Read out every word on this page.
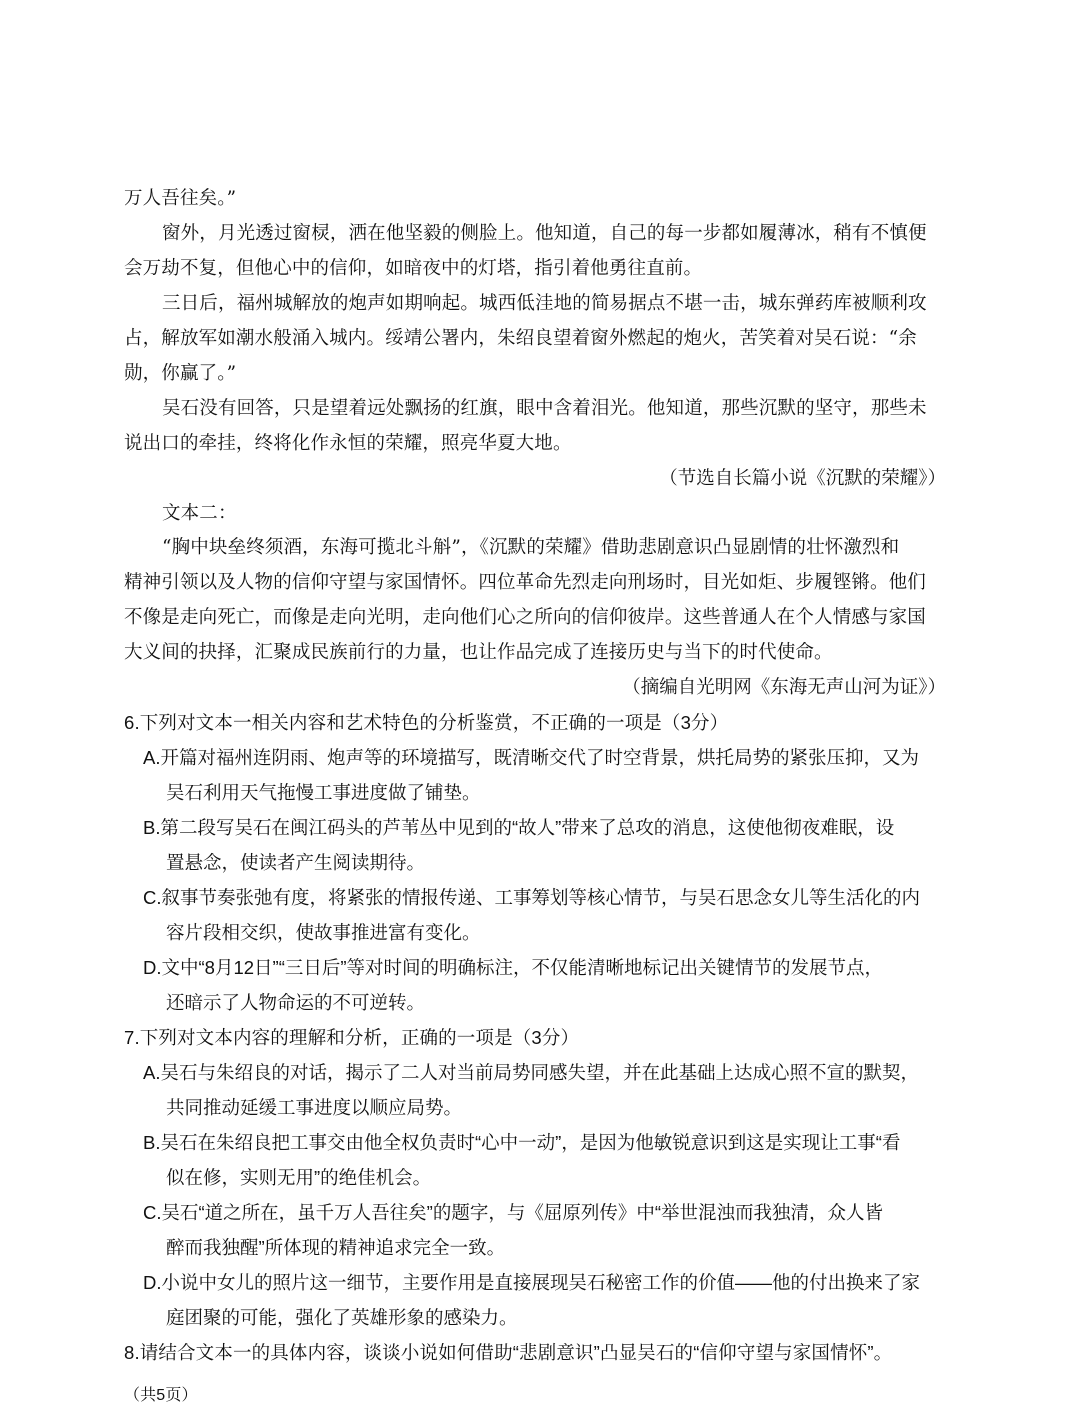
万人吾往矣。”
窗外，月光透过窗棂，洒在他坚毅的侧脸上。他知道，自己的每一步都如履薄冰，稍有不慎便
会万劫不复，但他心中的信仰，如暗夜中的灯塔，指引着他勇往直前。
三日后，福州城解放的炮声如期响起。城西低洼地的简易据点不堪一击，城东弹药库被顺利攻
占，解放军如潮水般涌入城内。绥靖公署内，朱绍良望着窗外燃起的炮火，苦笑着对吴石说：“余
勋，你赢了。”
吴石没有回答，只是望着远处飘扬的红旗，眼中含着泪光。他知道，那些沉默的坚守，那些未
说出口的牵挂，终将化作永恒的荣耀，照亮华夏大地。
（节选自长篇小说《沉默的荣耀》）
文本二：
“胸中块垒终须酒，东海可揽北斗斛”，《沉默的荣耀》借助悲剧意识凸显剧情的壮怀激烈和
精神引领以及人物的信仰守望与家国情怀。四位革命先烈走向刑场时，目光如炬、步履铿锵。他们
不像是走向死亡，而像是走向光明，走向他们心之所向的信仰彼岸。这些普通人在个人情感与家国
大义间的抉择，汇聚成民族前行的力量，也让作品完成了连接历史与当下的时代使命。
（摘编自光明网《东海无声山河为证》）
6.下列对文本一相关内容和艺术特色的分析鉴赏，不正确的一项是（3分）
A.开篇对福州连阴雨、炮声等的环境描写，既清晰交代了时空背景，烘托局势的紧张压抑，又为
吴石利用天气拖慢工事进度做了铺垫。
B.第二段写吴石在闽江码头的芦苇丛中见到的“故人”带来了总攻的消息，这使他彻夜难眠，设
置悬念，使读者产生阅读期待。
C.叙事节奏张弛有度，将紧张的情报传递、工事筹划等核心情节，与吴石思念女儿等生活化的内
容片段相交织，使故事推进富有变化。
D.文中“8月12日”“三日后”等对时间的明确标注，不仅能清晰地标记出关键情节的发展节点，
还暗示了人物命运的不可逆转。
7.下列对文本内容的理解和分析，正确的一项是（3分）
A.吴石与朱绍良的对话，揭示了二人对当前局势同感失望，并在此基础上达成心照不宣的默契，
共同推动延缓工事进度以顺应局势。
B.吴石在朱绍良把工事交由他全权负责时“心中一动”，是因为他敏锐意识到这是实现让工事“看
似在修，实则无用”的绝佳机会。
C.吴石“道之所在，虽千万人吾往矣”的题字，与《屈原列传》中“举世混浊而我独清，众人皆
醉而我独醒”所体现的精神追求完全一致。
D.小说中女儿的照片这一细节，主要作用是直接展现吴石秘密工作的价值——他的付出换来了家
庭团聚的可能，强化了英雄形象的感染力。
8.请结合文本一的具体内容，谈谈小说如何借助“悲剧意识”凸显吴石的“信仰守望与家国情怀”。
（共5页）
